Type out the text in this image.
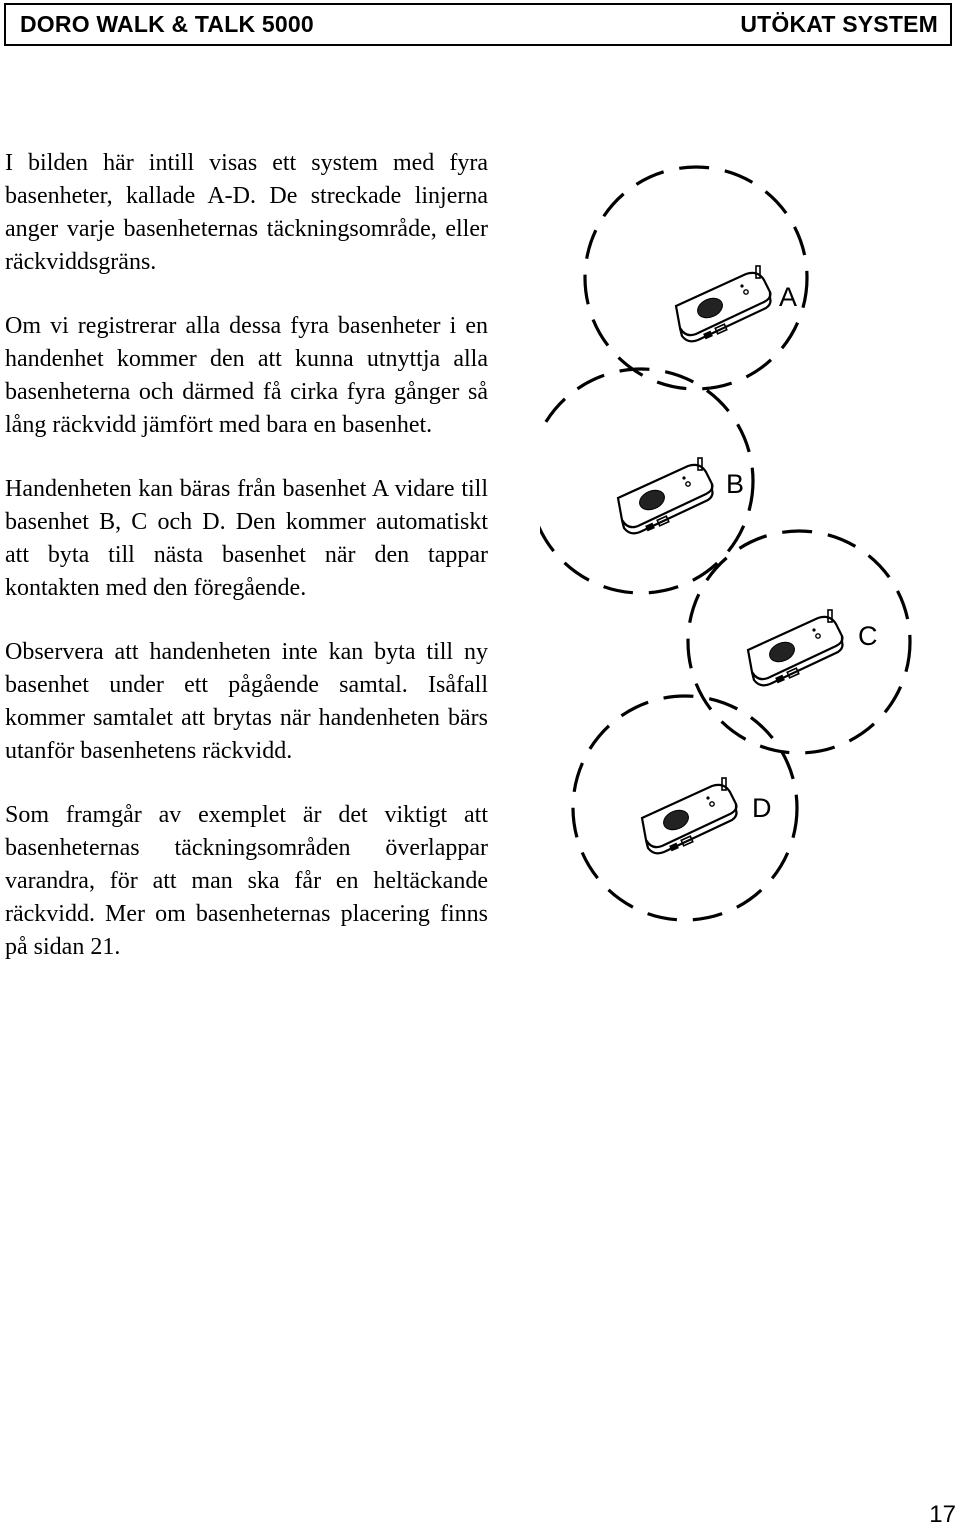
DORO WALK & TALK 5000	UTÖKAT SYSTEM

I bilden här intill visas ett system med fyra basenheter, kallade A-D. De streckade linjerna anger varje basenheternas täckningsområde, eller räckviddsgräns.

Om vi registrerar alla dessa fyra basenheter i en handenhet kommer den att kunna utnyttja alla basenheterna och därmed få cirka fyra gånger så lång räckvidd jämfört med bara en basenhet.

Handenheten kan bäras från basenhet A vidare till basenhet B, C och D. Den kommer automatiskt att byta till nästa basenhet när den tappar kontakten med den föregående.

Observera att handenheten inte kan byta till ny basenhet under ett pågående samtal. Isåfall kommer samtalet att brytas när handenheten bärs utanför basenhetens räckvidd.

Som framgår av exemplet är det viktigt att basenheternas täckningsområden överlappar varandra, för att man ska får en heltäckande räckvidd. Mer om basenheternas placering finns på sidan 21.

A
B
C
D
17
